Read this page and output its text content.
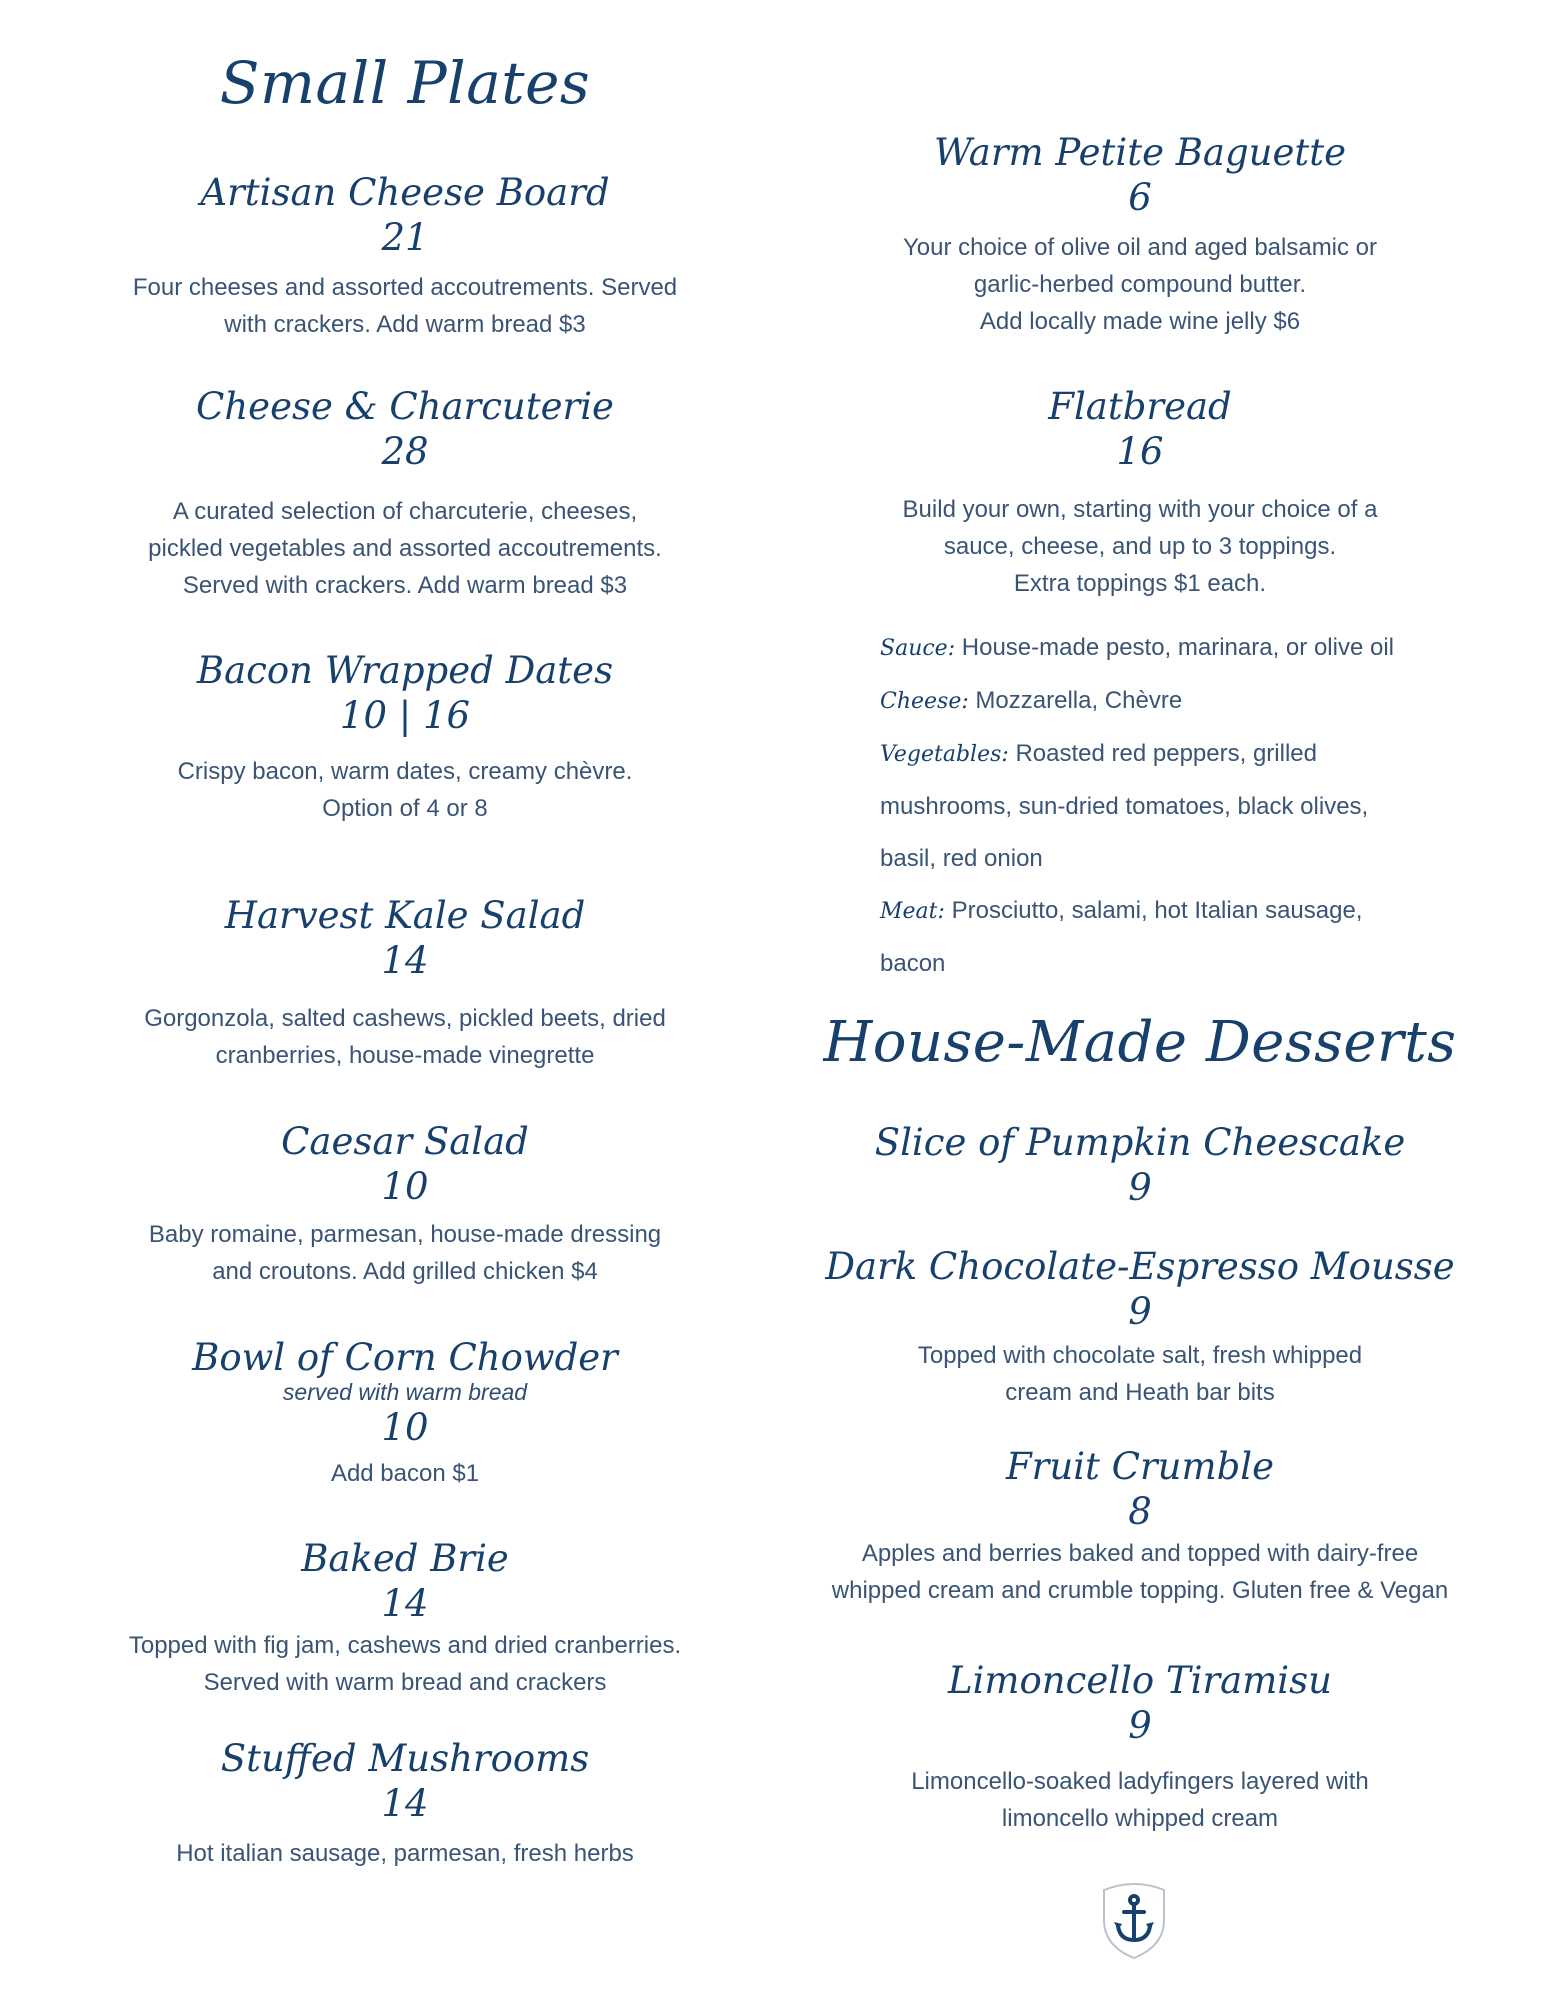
Small Plates
Artisan Cheese Board
21
Four cheeses and assorted accoutrements. Served
with crackers. Add warm bread $3
Cheese & Charcuterie
28
A curated selection of charcuterie, cheeses,
pickled vegetables and assorted accoutrements.
Served with crackers. Add warm bread $3
Bacon Wrapped Dates
10 | 16
Crispy bacon, warm dates, creamy chèvre.
Option of 4 or 8
Harvest Kale Salad
14
Gorgonzola, salted cashews, pickled beets, dried
cranberries, house-made vinegrette
Caesar Salad
10
Baby romaine, parmesan, house-made dressing
and croutons. Add grilled chicken $4
Bowl of Corn Chowder
served with warm bread
10
Add bacon $1
Baked Brie
14
Topped with fig jam, cashews and dried cranberries.
Served with warm bread and crackers
Stuffed Mushrooms
14
Hot italian sausage, parmesan, fresh herbs
Warm Petite Baguette
6
Your choice of olive oil and aged balsamic or
garlic-herbed compound butter.
Add locally made wine jelly $6
Flatbread
16
Build your own, starting with your choice of a
sauce, cheese, and up to 3 toppings.
Extra toppings $1 each.
Sauce: House-made pesto, marinara, or olive oil
Cheese: Mozzarella, Chèvre
Vegetables: Roasted red peppers, grilled
mushrooms, sun-dried tomatoes, black olives,
basil, red onion
Meat: Prosciutto, salami, hot Italian sausage,
bacon
House-Made Desserts
Slice of Pumpkin Cheescake
9
Dark Chocolate-Espresso Mousse
9
Topped with chocolate salt, fresh whipped
cream and Heath bar bits
Fruit Crumble
8
Apples and berries baked and topped with dairy-free
whipped cream and crumble topping. Gluten free & Vegan
Limoncello Tiramisu
9
Limoncello-soaked ladyfingers layered with
limoncello whipped cream
